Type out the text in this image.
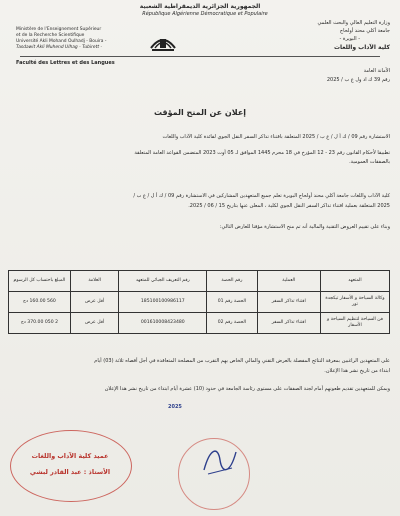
الجمهورية الجزائرية الديمقراطية الشعبية
République Algérienne Démocratique et Populaire
وزارة التعليم العالي والبحث العلمي
جامعة أكلي محند أولحاج
- البويرة -
كلية الآداب واللغات
Ministère de l'Enseignement Supérieur
et de la Recherche Scientifique
Université Akli Mohand Oulhadj - Bouira -
Tasdawit Akli Muhend Ulhag - Tubirett -
Faculté des Lettres et des Langues
الأمانة العامة
رقم 39 ك اد ول ع ب / 2025
إعلان عن المنح المؤقت
الاستشارة رقم 09 / ك أ ل / ع ب / 2025 المتعلقة باقتناء تذاكر السفر النقل الجوي لفائدة كلية الآداب واللغات
تطبيقا لأحكام القانون رقم 23 - 12 المؤرخ في 18 محرم 1445 الموافق لـ 05 أوت 2023 المتضمن القواعد العامة المتعلقة
بالصفقات العمومية.
كلية الآداب واللغات جامعة أكلي محند أولحاج البويرة تعلم جميع المتعهدين المشاركين في الاستشارة رقم 09 / ك أ ل / ع ب /
2025 المتعلقة بعملية اقتناء تذاكر السفر النقل الجوي لكلية ، المعلن عنها بتاريخ 15 / 06 / 2025.
وبناء على تقييم العروض التقنية والمالية أنه تم منح الاستشارة مؤقتا للعارض التالي:
المتعهد	العملية	رقم الحصة	رقم التعريف الجبائي للمتعهد	العلامة	المبلغ باحتساب كل الرسوم
وكالة السياحة و الأسفار تيكجدة تور	اقتناء تذاكر السفر	الحصة رقم 01	185100100986117	أقل عرض	560 160.00 دج
فن السياحة لتنظيم السياحة و الأسفار	اقتناء تذاكر السفر	الحصة رقم 02	001610008423480	أقل عرض	2 050 370.00 دج
على المتعهدين الراغبين بمعرفة النتائج المفصلة بالعرض التقني والمالي الخاص بهم التقرب من المصلحة المتعاقدة في أجل أقصاه ثلاثة (03) أيام
ابتداء من تاريخ نشر هذا الإعلان.
ويمكن للمتعهدين تقديم طعونهم أمام لجنة الصفقات على مستوى رئاسة الجامعة في حدود (10) عشرة أيام ابتداء من تاريخ نشر هذا الإعلان
2025
عميد كلية الآداب واللغات
الأستاذ : عبد القادر لبشي
